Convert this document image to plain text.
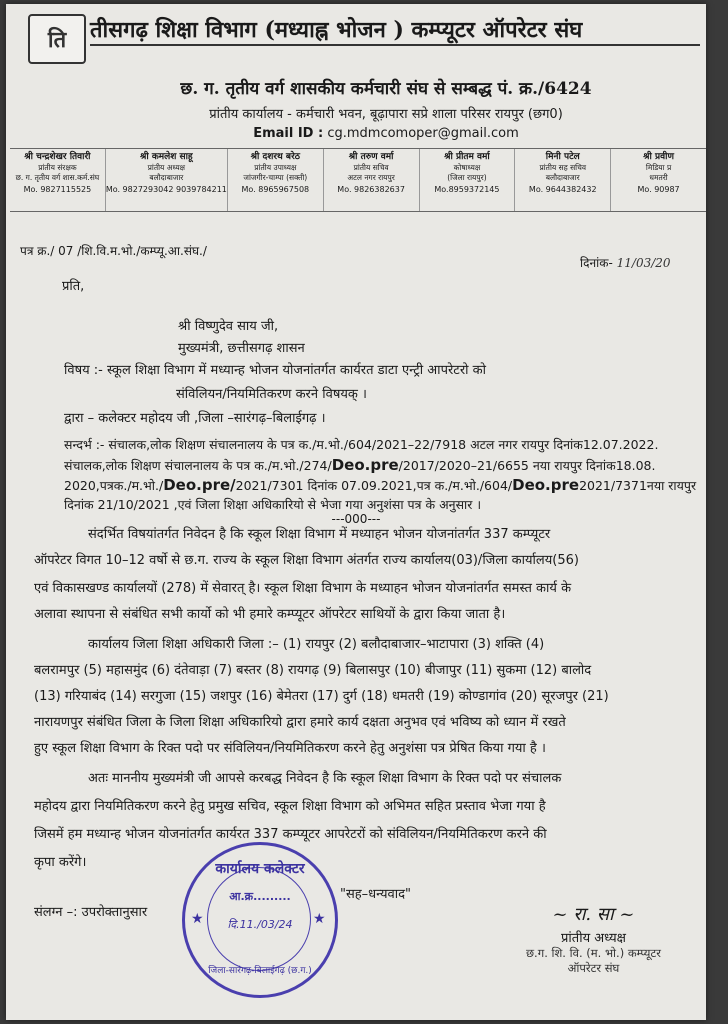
ति तीसगढ़ शिक्षा विभाग (मध्याह्न भोजन ) कम्प्यूटर ऑपरेटर संघ
छ. ग. तृतीय वर्ग शासकीय कर्मचारी संघ से सम्बद्ध पं. क्र./6424
प्रांतीय कार्यालय - कर्मचारी भवन, बूढ़ापारा सप्रे शाला परिसर रायपुर (छग0)
Email ID : cg.mdmcomoper@gmail.com
श्री चन्द्रशेखर तिवारी
प्रांतीय संरक्षक
छ. ग. तृतीय वर्ग शास.कर्म.संघ
Mo. 9827115525
श्री कमलेश साहू
प्रांतीय अध्यक्ष
बलौदाबाजार
Mo. 9827293042 9039784211
श्री दशरथ बरेठ
प्रांतीय उपाध्यक्ष
जांजगीर-चाम्पा (सक्ती)
Mo. 8965967508
श्री तरुण वर्मा
प्रांतीय सचिव
अटल नगर रायपुर
Mo. 9826382637
श्री प्रीतम वर्मा
कोषाध्यक्ष
(जिला रायपुर)
Mo.8959372145
मिनी पटेल
प्रांतीय सह सचिव
बलौदाबाजार
Mo. 9644382432
श्री प्रवीण
मिडिया प्र
धमतरी
Mo. 90987
पत्र क्र./ 07 /शि.वि.म.भो./कम्प्यू.आ.संघ./
दिनांक- 11/03/20
प्रति,
श्री विष्णुदेव साय जी,
मुख्यमंत्री, छत्तीसगढ़ शासन
विषय :- स्कूल शिक्षा विभाग में मध्यान्ह भोजन योजनांतर्गत कार्यरत डाटा एन्ट्री आपरेटरो को
संविलियन/नियमितिकरण करने विषयक् ।
द्वारा – कलेक्टर महोदय जी ,जिला –सारंगढ़–बिलाईगढ़ ।
सन्दर्भ :- संचालक,लोक शिक्षण संचालनालय के पत्र क./म.भो./604/2021–22/7918 अटल नगर रायपुर दिनांक12.07.2022.
संचालक,लोक शिक्षण संचालनालय के पत्र क./म.भो./274/Deo.pre/2017/2020–21/6655 नया रायपुर दिनांक18.08.
2020,पत्रक./म.भो./Deo.pre/2021/7301 दिनांक 07.09.2021,पत्र क./म.भो./604/Deo.pre2021/7371नया रायपुर
दिनांक 21/10/2021 ,एवं जिला शिक्षा अधिकारियो से भेजा गया अनुशंसा पत्र के अनुसार ।
---000---
संदर्भित विषयांतर्गत निवेदन है कि स्कूल शिक्षा विभाग में मध्याहन भोजन योजनांतर्गत 337 कम्प्यूटर
ऑपरेटर विगत 10–12 वर्षो से छ.ग. राज्य के स्कूल शिक्षा विभाग अंतर्गत राज्य कार्यालय(03)/जिला कार्यालय(56)
एवं विकासखण्ड कार्यालयों (278) में सेवारत् है। स्कूल शिक्षा विभाग के मध्याहन भोजन योजनांतर्गत समस्त कार्य के
अलावा स्थापना से संबंधित सभी कार्यो को भी हमारे कम्प्यूटर ऑपरेटर साथियों के द्वारा किया जाता है।
कार्यालय जिला शिक्षा अधिकारी जिला :– (1) रायपुर (2) बलौदाबाजार–भाटापारा (3) शक्ति (4)
बलरामपुर (5) महासमुंद (6) दंतेवाड़ा (7) बस्तर (8) रायगढ़ (9) बिलासपुर (10) बीजापुर (11) सुकमा (12) बालोद
(13) गरियाबंद (14) सरगुजा (15) जशपुर (16) बेमेतरा (17) दुर्ग (18) धमतरी (19) कोण्डागांव (20) सूरजपुर (21)
नारायणपुर संबंधित जिला के जिला शिक्षा अधिकारियो द्वारा हमारे कार्य दक्षता अनुभव एवं भविष्य को ध्यान में रखते
हुए स्कूल शिक्षा विभाग के रिक्त पदो पर संविलियन/नियमितिकरण करने हेतु अनुशंसा पत्र प्रेषित किया गया है ।
अतः माननीय मुख्यमंत्री जी आपसे करबद्ध निवेदन है कि स्कूल शिक्षा विभाग के रिक्त पदो पर संचालक
महोदय द्वारा नियमितिकरण करने हेतु प्रमुख सचिव, स्कूल शिक्षा विभाग को अभिमत सहित प्रस्ताव भेजा गया है
जिसमें हम मध्यान्ह भोजन योजनांतर्गत कार्यरत 337 कम्प्यूटर आपरेटरों को संविलियन/नियमितिकरण करने की
कृपा करेंगे।
संलग्न –: उपरोक्तानुसार
कार्यालय कलेक्टर
आ.क्र.........
दि.11./03/24
जिला-सारंगढ़-बिलाईगढ़ (छ.ग.)
★	★
"सह–धन्यवाद"
~ रा. सा ~
प्रांतीय अध्यक्ष
छ.ग. शि. वि. (म. भो.) कम्प्यूटर
ऑपरेटर संघ
